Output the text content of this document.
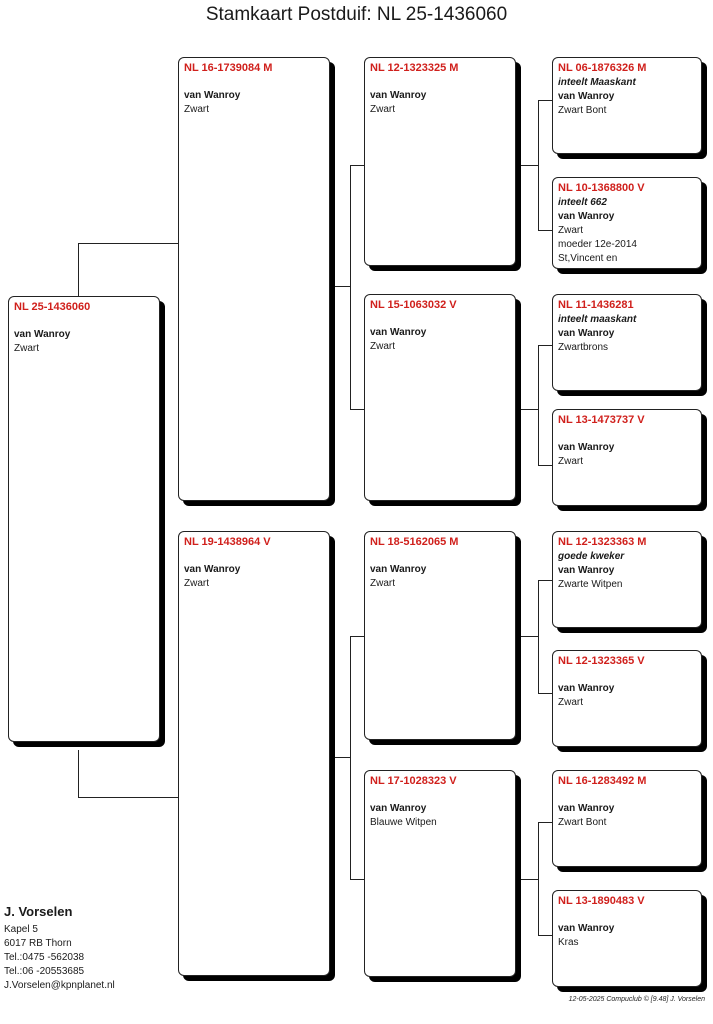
Stamkaart Postduif: NL 25-1436060
NL 25-1436060
van Wanroy
Zwart
NL 16-1739084 M
van Wanroy
Zwart
NL 19-1438964 V
van Wanroy
Zwart
NL 12-1323325 M
van Wanroy
Zwart
NL 15-1063032 V
van Wanroy
Zwart
NL 18-5162065 M
van Wanroy
Zwart
NL 17-1028323 V
van Wanroy
Blauwe Witpen
NL 06-1876326 M
inteelt Maaskant
van Wanroy
Zwart Bont
NL 10-1368800 V
inteelt 662
van Wanroy
Zwart
moeder 12e-2014
St,Vincent en
NL 11-1436281
inteelt maaskant
van Wanroy
Zwartbrons
NL 13-1473737 V
van Wanroy
Zwart
NL 12-1323363 M
goede kweker
van Wanroy
Zwarte Witpen
NL 12-1323365 V
van Wanroy
Zwart
NL 16-1283492 M
van Wanroy
Zwart Bont
NL 13-1890483 V
van Wanroy
Kras
J. Vorselen
Kapel 5
6017 RB Thorn
Tel.:0475 -562038
Tel.:06 -20553685
J.Vorselen@kpnplanet.nl
12-05-2025 Compuclub © [9.48] J. Vorselen
